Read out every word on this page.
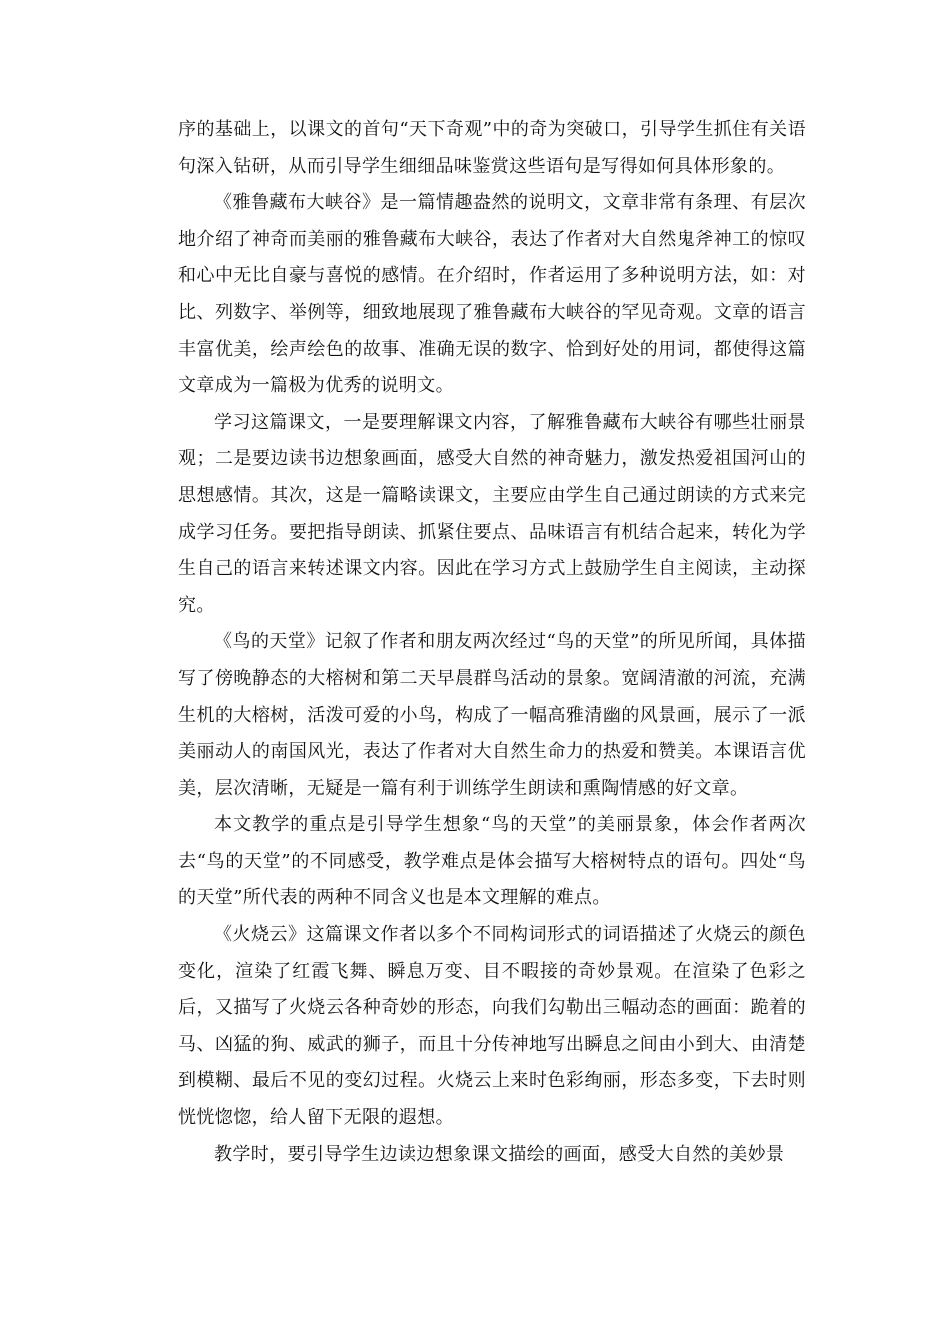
序的基础上，以课文的首句“天下奇观”中的奇为突破口，引导学生抓住有关语句深入钻研，从而引导学生细细品味鉴赏这些语句是写得如何具体形象的。

《雅鲁藏布大峡谷》是一篇情趣盎然的说明文，文章非常有条理、有层次地介绍了神奇而美丽的雅鲁藏布大峡谷，表达了作者对大自然鬼斧神工的惊叹和心中无比自豪与喜悦的感情。在介绍时，作者运用了多种说明方法，如：对比、列数字、举例等，细致地展现了雅鲁藏布大峡谷的罕见奇观。文章的语言丰富优美，绘声绘色的故事、准确无误的数字、恰到好处的用词，都使得这篇文章成为一篇极为优秀的说明文。

学习这篇课文，一是要理解课文内容，了解雅鲁藏布大峡谷有哪些壮丽景观；二是要边读书边想象画面，感受大自然的神奇魅力，激发热爱祖国河山的思想感情。其次，这是一篇略读课文，主要应由学生自己通过朗读的方式来完成学习任务。要把指导朗读、抓紧住要点、品味语言有机结合起来，转化为学生自己的语言来转述课文内容。因此在学习方式上鼓励学生自主阅读，主动探究。

《鸟的天堂》记叙了作者和朋友两次经过“鸟的天堂”的所见所闻，具体描写了傍晚静态的大榕树和第二天早晨群鸟活动的景象。宽阔清澈的河流，充满生机的大榕树，活泼可爱的小鸟，构成了一幅高雅清幽的风景画，展示了一派美丽动人的南国风光，表达了作者对大自然生命力的热爱和赞美。本课语言优美，层次清晰，无疑是一篇有利于训练学生朗读和熏陶情感的好文章。

本文教学的重点是引导学生想象“鸟的天堂”的美丽景象，体会作者两次去“鸟的天堂”的不同感受，教学难点是体会描写大榕树特点的语句。四处“鸟的天堂”所代表的两种不同含义也是本文理解的难点。

《火烧云》这篇课文作者以多个不同构词形式的词语描述了火烧云的颜色变化，渲染了红霞飞舞、瞬息万变、目不暇接的奇妙景观。在渲染了色彩之后，又描写了火烧云各种奇妙的形态，向我们勾勒出三幅动态的画面：跪着的马、凶猛的狗、威武的狮子，而且十分传神地写出瞬息之间由小到大、由清楚到模糊、最后不见的变幻过程。火烧云上来时色彩绚丽，形态多变，下去时则恍恍惚惚，给人留下无限的遐想。

教学时，要引导学生边读边想象课文描绘的画面，感受大自然的美妙景
